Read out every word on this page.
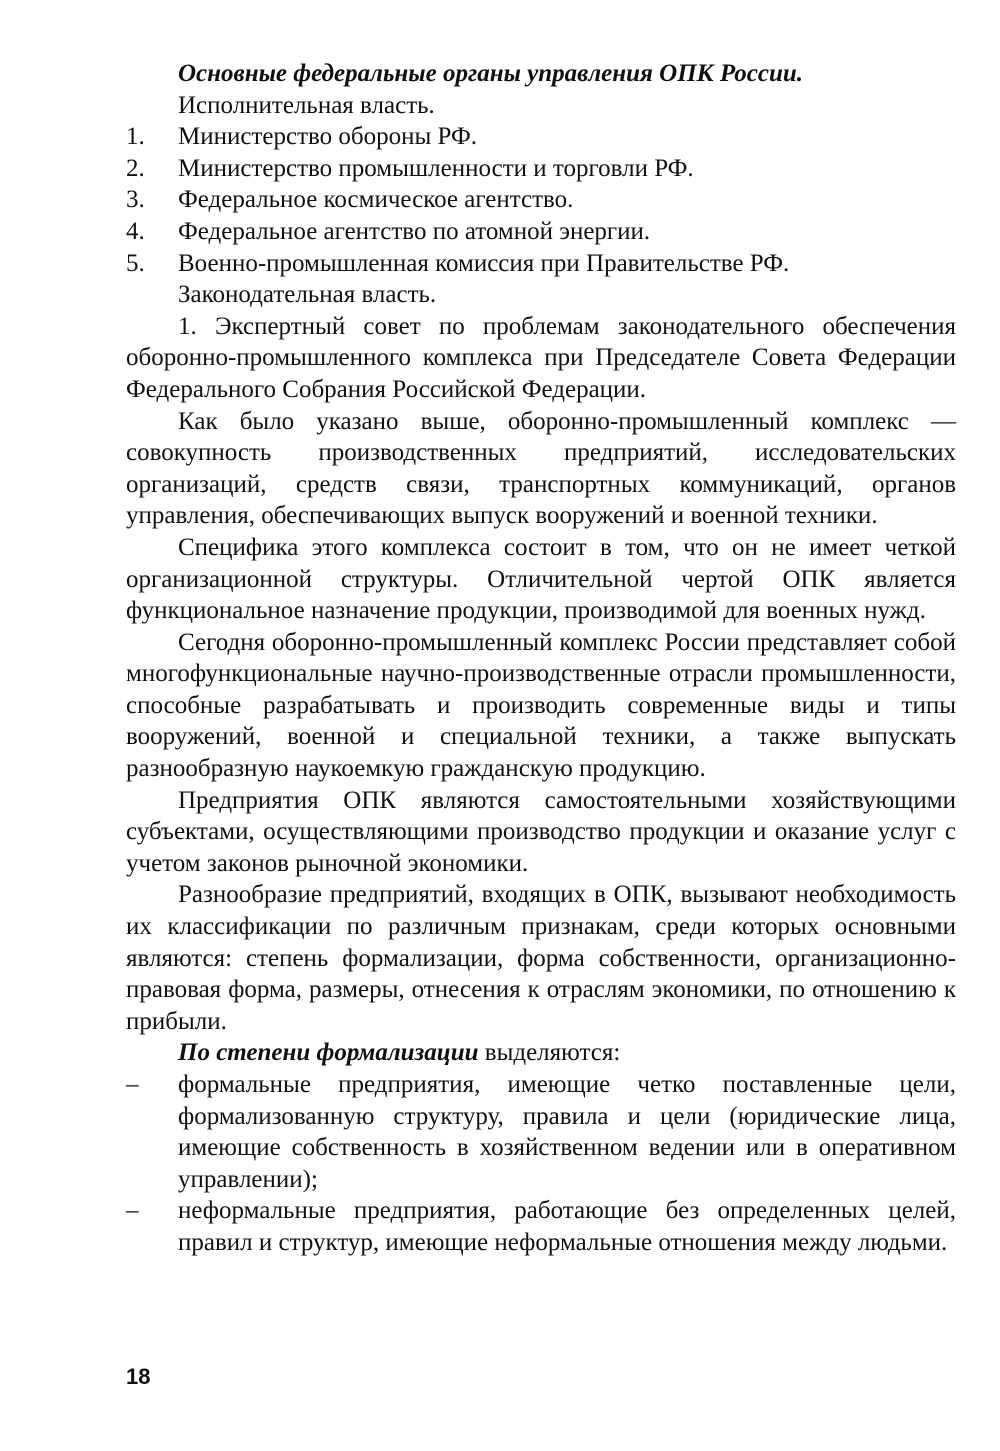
Основные федеральные органы управления ОПК России.
Исполнительная власть.
1. Министерство обороны РФ.
2. Министерство промышленности и торговли РФ.
3. Федеральное космическое агентство.
4. Федеральное агентство по атомной энергии.
5. Военно-промышленная комиссия при Правительстве РФ.
Законодательная власть.

1. Экспертный совет по проблемам законодательного обеспечения оборонно-промышленного комплекса при Председателе Совета Федерации Федерального Собрания Российской Федерации.

Как было указано выше, оборонно-промышленный комплекс — совокупность производственных предприятий, исследовательских организаций, средств связи, транспортных коммуникаций, органов управления, обеспечивающих выпуск вооружений и военной техники.

Специфика этого комплекса состоит в том, что он не имеет четкой организационной структуры. Отличительной чертой ОПК является функциональное назначение продукции, производимой для военных нужд.

Сегодня оборонно-промышленный комплекс России представляет собой многофункциональные научно-производственные отрасли промышленности, способные разрабатывать и производить современные виды и типы вооружений, военной и специальной техники, а также выпускать разнообразную наукоемкую гражданскую продукцию.

Предприятия ОПК являются самостоятельными хозяйствующими субъектами, осуществляющими производство продукции и оказание услуг с учетом законов рыночной экономики.

Разнообразие предприятий, входящих в ОПК, вызывают необходимость их классификации по различным признакам, среди которых основными являются: степень формализации, форма собственности, организационно-правовая форма, размеры, отнесения к отраслям экономики, по отношению к прибыли.

По степени формализации выделяются:
– формальные предприятия, имеющие четко поставленные цели, формализованную структуру, правила и цели (юридические лица, имеющие собственность в хозяйственном ведении или в оперативном управлении);
– неформальные предприятия, работающие без определенных целей, правил и структур, имеющие неформальные отношения между людьми.
18
